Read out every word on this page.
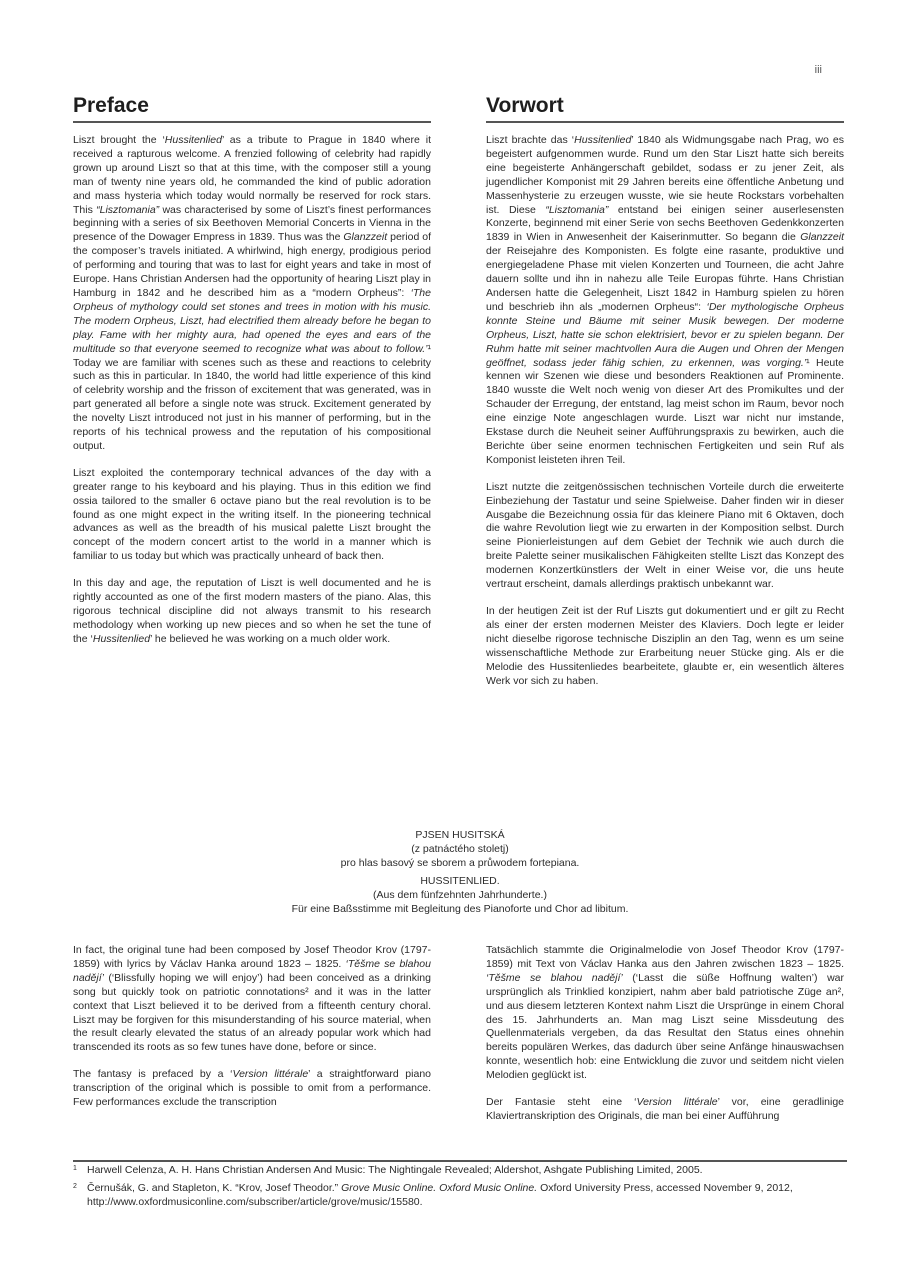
iii
Preface	Vorwort

Liszt brought the ‘Hussitenlied’ as a tribute to Prague in 1840 where it received a rapturous welcome. A frenzied following of celebrity had rapidly grown up around Liszt so that at this time, with the composer still a young man of twenty nine years old, he commanded the kind of public adoration and mass hysteria which today would normally be reserved for rock stars. This “Lisztomania” was characterised by some of Liszt’s finest performances beginning with a series of six Beethoven Memorial Concerts in Vienna in the presence of the Dowager Empress in 1839. Thus was the Glanzzeit period of the composer’s travels initiated. A whirlwind, high energy, prodigious period of performing and touring that was to last for eight years and take in most of Europe. Hans Christian Andersen had the opportunity of hearing Liszt play in Hamburg in 1842 and he described him as a “modern Orpheus”: ‘The Orpheus of mythology could set stones and trees in motion with his music. The modern Orpheus, Liszt, had electrified them already before he began to play. Fame with her mighty aura, had opened the eyes and ears of the multitude so that everyone seemed to recognize what was about to follow.’¹ Today we are familiar with scenes such as these and reactions to celebrity such as this in particular. In 1840, the world had little experience of this kind of celebrity worship and the frisson of excitement that was generated, was in part generated all before a single note was struck. Excitement generated by the novelty Liszt introduced not just in his manner of performing, but in the reports of his technical prowess and the reputation of his compositional output.

Liszt exploited the contemporary technical advances of the day with a greater range to his keyboard and his playing. Thus in this edition we find ossia tailored to the smaller 6 octave piano but the real revolution is to be found as one might expect in the writing itself. In the pioneering technical advances as well as the breadth of his musical palette Liszt brought the concept of the modern concert artist to the world in a manner which is familiar to us today but which was practically unheard of back then.

In this day and age, the reputation of Liszt is well documented and he is rightly accounted as one of the first modern masters of the piano. Alas, this rigorous technical discipline did not always transmit to his research methodology when working up new pieces and so when he set the tune of the ‘Hussitenlied’ he believed he was working on a much older work.

Liszt brachte das ‘Hussitenlied’ 1840 als Widmungsgabe nach Prag, wo es begeistert aufgenommen wurde. Rund um den Star Liszt hatte sich bereits eine begeisterte Anhängerschaft gebildet, sodass er zu jener Zeit, als jugendlicher Komponist mit 29 Jahren bereits eine öffentliche Anbetung und Massenhysterie zu erzeugen wusste, wie sie heute Rockstars vorbehalten ist. Diese “Lisztomania” entstand bei einigen seiner auserlesensten Konzerte, beginnend mit einer Serie von sechs Beethoven Gedenkkonzerten 1839 in Wien in Anwesenheit der Kaiserinmutter. So begann die Glanzzeit der Reisejahre des Komponisten. Es folgte eine rasante, produktive und energiegeladene Phase mit vielen Konzerten und Tourneen, die acht Jahre dauern sollte und ihn in nahezu alle Teile Europas führte. Hans Christian Andersen hatte die Gelegenheit, Liszt 1842 in Hamburg spielen zu hören und beschrieb ihn als „modernen Orpheus“: ‘Der mythologische Orpheus konnte Steine und Bäume mit seiner Musik bewegen. Der moderne Orpheus, Liszt, hatte sie schon elektrisiert, bevor er zu spielen begann. Der Ruhm hatte mit seiner machtvollen Aura die Augen und Ohren der Mengen geöffnet, sodass jeder fähig schien, zu erkennen, was vorging.’¹ Heute kennen wir Szenen wie diese und besonders Reaktionen auf Prominente. 1840 wusste die Welt noch wenig von dieser Art des Promikultes und der Schauder der Erregung, der entstand, lag meist schon im Raum, bevor noch eine einzige Note angeschlagen wurde. Liszt war nicht nur imstande, Ekstase durch die Neuheit seiner Aufführungspraxis zu bewirken, auch die Berichte über seine enormen technischen Fertigkeiten und sein Ruf als Komponist leisteten ihren Teil.

Liszt nutzte die zeitgenössischen technischen Vorteile durch die erweiterte Einbeziehung der Tastatur und seine Spielweise. Daher finden wir in dieser Ausgabe die Bezeichnung ossia für das kleinere Piano mit 6 Oktaven, doch die wahre Revolution liegt wie zu erwarten in der Komposition selbst. Durch seine Pionierleistungen auf dem Gebiet der Technik wie auch durch die breite Palette seiner musikalischen Fähigkeiten stellte Liszt das Konzept des modernen Konzertkünstlers der Welt in einer Weise vor, die uns heute vertraut erscheint, damals allerdings praktisch unbekannt war.

In der heutigen Zeit ist der Ruf Liszts gut dokumentiert und er gilt zu Recht als einer der ersten modernen Meister des Klaviers. Doch legte er leider nicht dieselbe rigorose technische Disziplin an den Tag, wenn es um seine wissenschaftliche Methode zur Erarbeitung neuer Stücke ging. Als er die Melodie des Hussitenliedes bearbeitete, glaubte er, ein wesentlich älteres Werk vor sich zu haben.

PJSEN HUSITSKÁ
(z patnáctého stoletj)
pro hlas basový se sborem a průwodem fortepiana.
HUSSITENLIED.
(Aus dem fünfzehnten Jahrhunderte.)
Für eine Baßsstimme mit Begleitung des Pianoforte und Chor ad libitum.

In fact, the original tune had been composed by Josef Theodor Krov (1797-1859) with lyrics by Václav Hanka around 1823 – 1825. ‘Těšme se blahou nadějí’ (‘Blissfully hoping we will enjoy’) had been conceived as a drinking song but quickly took on patriotic connotations² and it was in the latter context that Liszt believed it to be derived from a fifteenth century choral. Liszt may be forgiven for this misunderstanding of his source material, when the result clearly elevated the status of an already popular work which had transcended its roots as so few tunes have done, before or since.

The fantasy is prefaced by a ‘Version littérale’ a straightforward piano transcription of the original which is possible to omit from a performance. Few performances exclude the transcription

Tatsächlich stammte die Originalmelodie von Josef Theodor Krov (1797-1859) mit Text von Václav Hanka aus den Jahren zwischen 1823 – 1825. ‘Těšme se blahou nadějí’ (‘Lasst die süße Hoffnung walten’) war ursprünglich als Trinklied konzipiert, nahm aber bald patriotische Züge an², und aus diesem letzteren Kontext nahm Liszt die Ursprünge in einem Choral des 15. Jahrhunderts an. Man mag Liszt seine Missdeutung des Quellenmaterials vergeben, da das Resultat den Status eines ohnehin bereits populären Werkes, das dadurch über seine Anfänge hinauswachsen konnte, wesentlich hob: eine Entwicklung die zuvor und seitdem nicht vielen Melodien geglückt ist.

Der Fantasie steht eine ‘Version littérale’ vor, eine geradlinige Klaviertranskription des Originals, die man bei einer Aufführung

1 Harwell Celenza, A. H. Hans Christian Andersen And Music: The Nightingale Revealed; Aldershot, Ashgate Publishing Limited, 2005.
2 Černušák, G. and Stapleton, K. “Krov, Josef Theodor.” Grove Music Online. Oxford Music Online. Oxford University Press, accessed November 9, 2012, http://www.oxfordmusiconline.com/subscriber/article/grove/music/15580.
